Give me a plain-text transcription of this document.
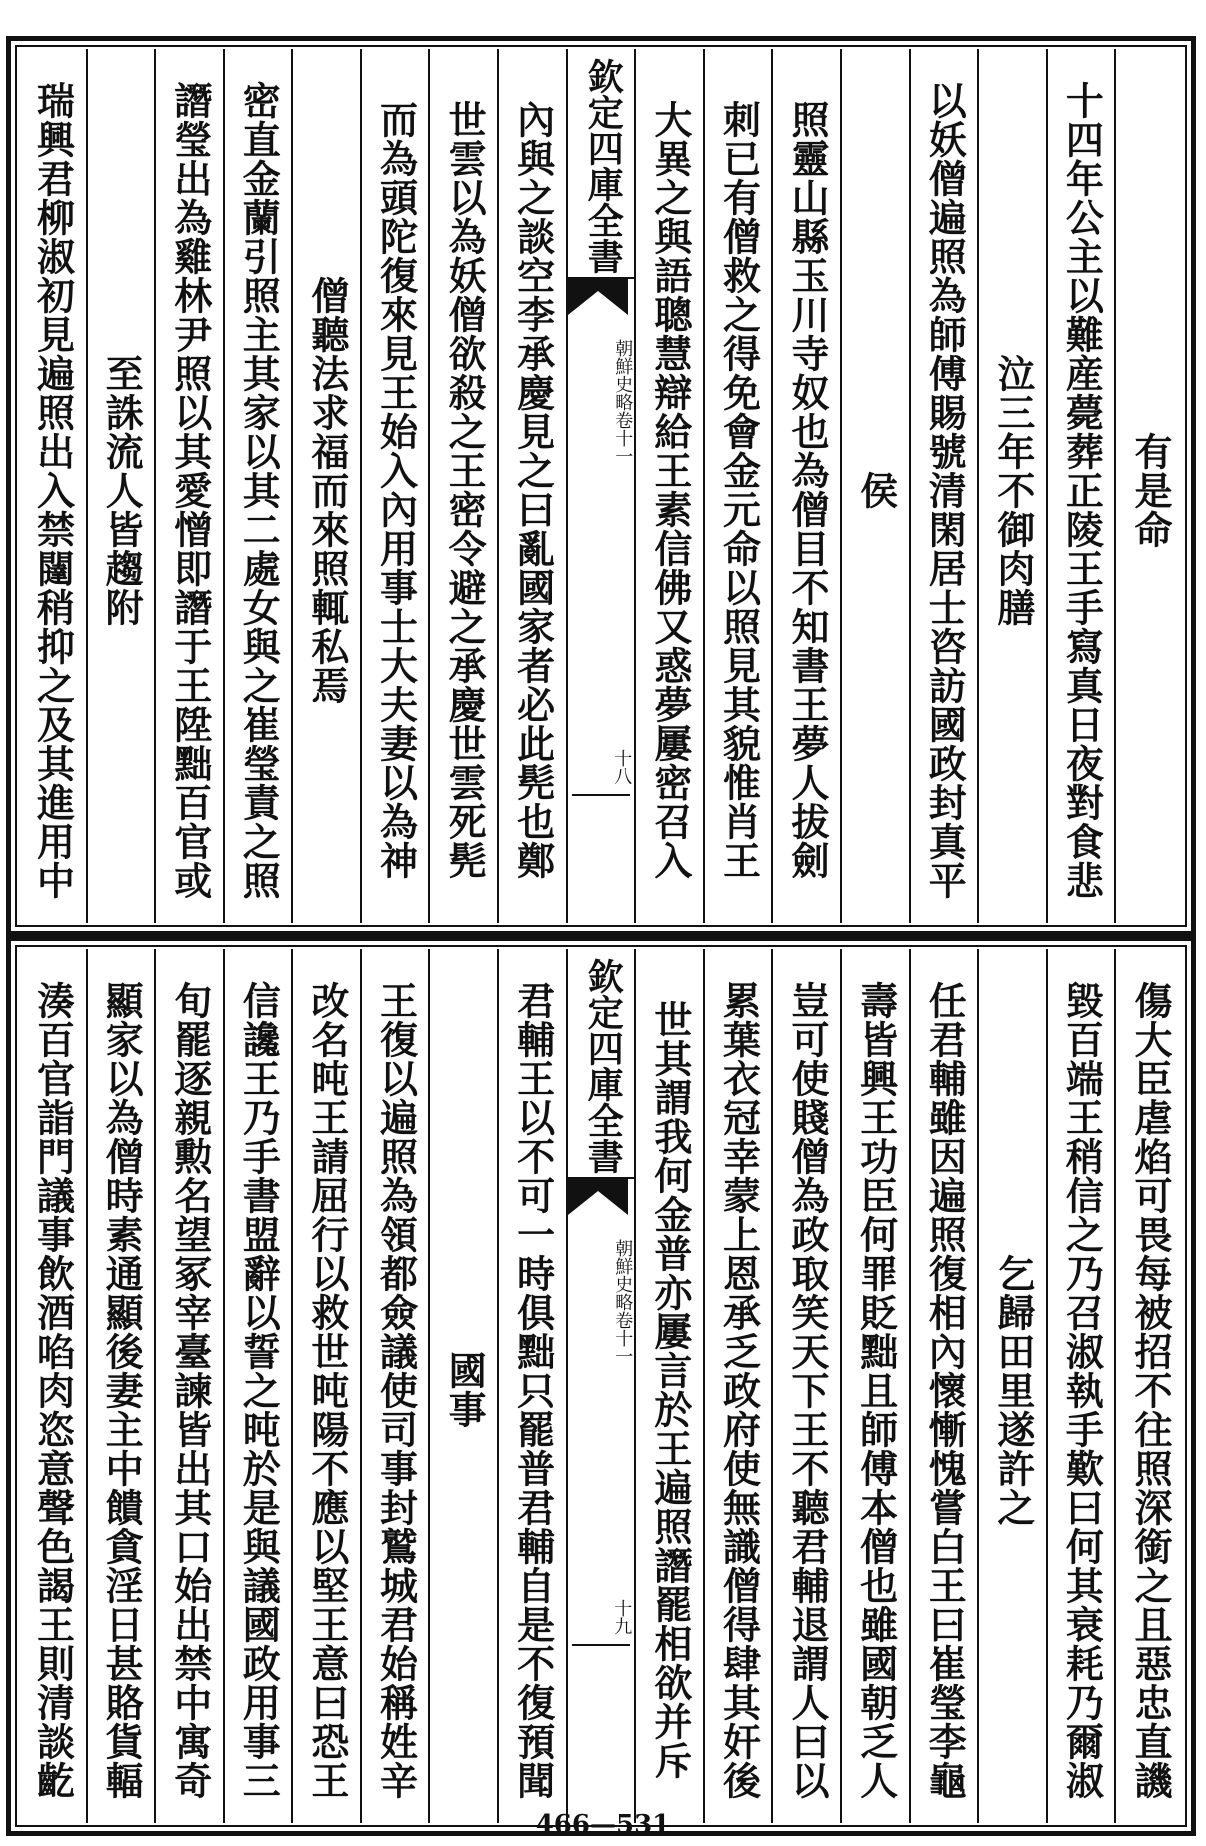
有是命
十四年公主以難産薨葬正陵王手寫真日夜對食悲
泣三年不御肉膳
以妖僧遍照為師傅賜號清閑居士咨訪國政封真平
侯
照靈山縣玉川寺奴也為僧目不知書王夢人拔劍
刺已有僧救之得免會金元命以照見其貌惟肖王
大異之與語聰慧辯給王素信佛又惑夢屢密召入
欽定四庫全書
朝鮮史略
卷十一
十八
內與之談空李承慶見之曰亂國家者必此髡也鄭
世雲以為妖僧欲殺之王密令避之承慶世雲死髡
而為頭陀復來見王始入內用事士大夫妻以為神
僧聽法求福而來照輒私焉
密直金蘭引照主其家以其二處女與之崔瑩責之照
譖瑩出為雞林尹照以其愛憎即譖于王陞黜百官或
至誅流人皆趨附
瑞興君柳淑初見遍照出入禁闥稍抑之及其進用中
傷大臣虐焰可畏每被招不往照深銜之且惡忠直譏
毀百端王稍信之乃召淑執手歎曰何其衰耗乃爾淑
乞歸田里遂許之
任君輔雖因遍照復相內懷慚愧嘗白王曰崔瑩李龜
壽皆興王功臣何罪貶黜且師傅本僧也雖國朝乏人
豈可使賤僧為政取笑天下王不聽君輔退謂人曰以
累葉衣冠幸蒙上恩承乏政府使無識僧得肆其奸後
世其謂我何金普亦屢言於王遍照譖罷相欲并斥
欽定四庫全書
朝鮮史略
卷十一
十九
君輔王以不可一時俱黜只罷普君輔自是不復預聞
國事
王復以遍照為領都僉議使司事封鷲城君始稱姓辛
改名旽王請屈行以救世旽陽不應以堅王意曰恐王
信讒王乃手書盟辭以誓之旽於是與議國政用事三
旬罷逐親勲名望冢宰臺諫皆出其口始出禁中寓奇
顯家以為僧時素通顯後妻主中饋貪淫日甚賂貨輻
湊百官詣門議事飲酒啗肉恣意聲色謁王則清談齕
466—531
